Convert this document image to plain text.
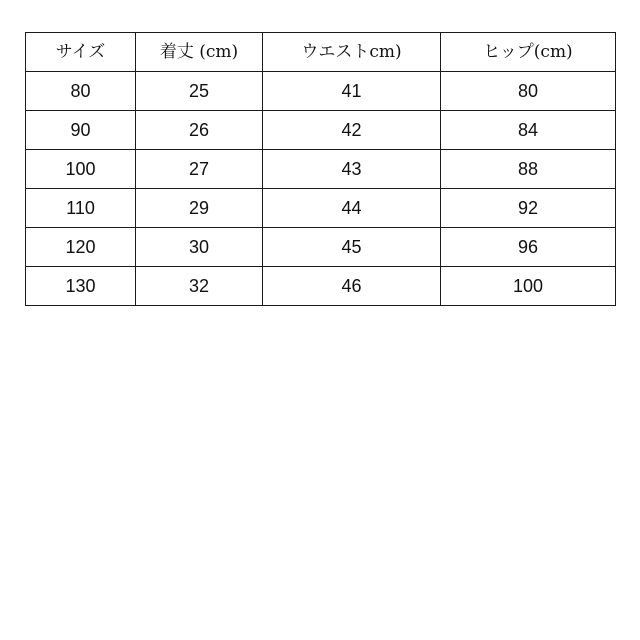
サイズ	着丈 (cm)	ウエストcm)	ヒップ(cm)
80	25	41	80
90	26	42	84
100	27	43	88
110	29	44	92
120	30	45	96
130	32	46	100
